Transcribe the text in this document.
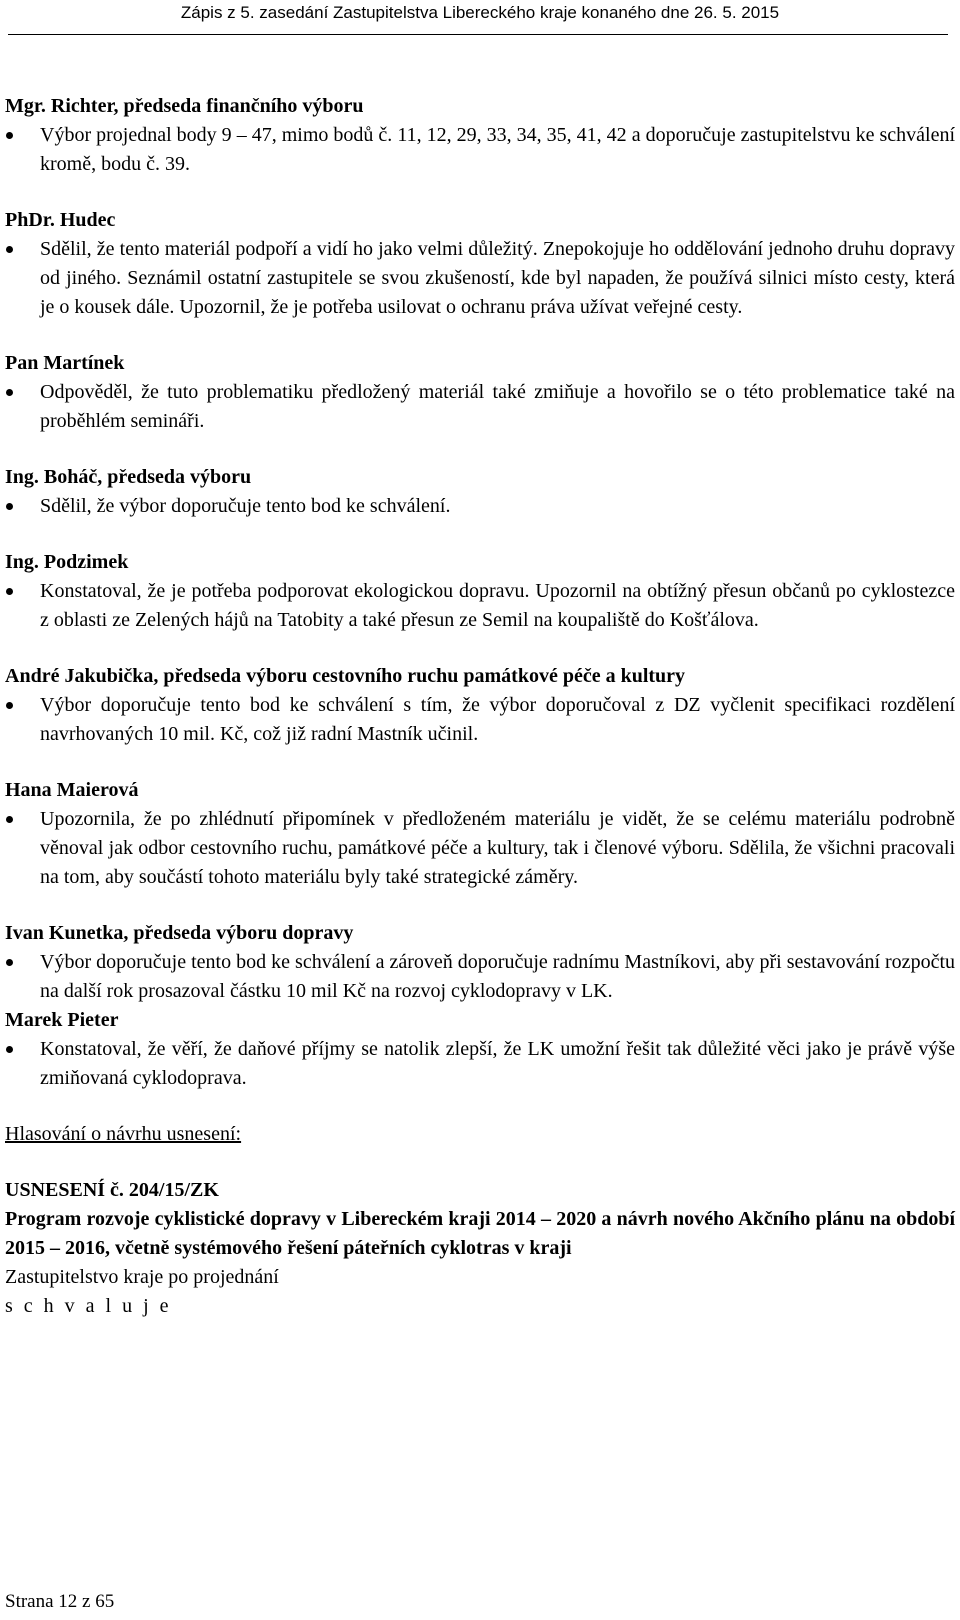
Zápis z 5. zasedání Zastupitelstva Libereckého kraje konaného dne 26. 5. 2015
Mgr. Richter, předseda finančního výboru
Výbor projednal body 9 – 47, mimo bodů č. 11, 12, 29, 33, 34, 35, 41, 42 a doporučuje zastupitelstvu ke schválení kromě, bodu č. 39.
PhDr. Hudec
Sdělil, že tento materiál podpoří a vidí ho jako velmi důležitý. Znepokojuje ho oddělování jednoho druhu dopravy od jiného. Seznámil ostatní zastupitele se svou zkušeností, kde byl napaden, že používá silnici místo cesty, která je o kousek dále. Upozornil, že je potřeba usilovat o ochranu práva užívat veřejné cesty.
Pan Martínek
Odpověděl, že tuto problematiku předložený materiál také zmiňuje a hovořilo se o této problematice také na proběhlém semináři.
Ing. Boháč, předseda výboru
Sdělil, že výbor doporučuje tento bod ke schválení.
Ing. Podzimek
Konstatoval, že je potřeba podporovat ekologickou dopravu. Upozornil na obtížný přesun občanů po cyklostezce z oblasti ze Zelených hájů na Tatobity a také přesun ze Semil na koupaliště do Košťálova.
André Jakubička, předseda výboru cestovního ruchu památkové péče a kultury
Výbor doporučuje tento bod ke schválení s tím, že výbor doporučoval z DZ vyčlenit specifikaci rozdělení navrhovaných 10 mil. Kč, což již radní Mastník učinil.
Hana Maierová
Upozornila, že po zhlédnutí připomínek v předloženém materiálu je vidět, že se celému materiálu podrobně věnoval jak odbor cestovního ruchu, památkové péče a kultury, tak i členové výboru. Sdělila, že všichni pracovali na tom, aby součástí tohoto materiálu byly také strategické záměry.
Ivan Kunetka, předseda výboru dopravy
Výbor doporučuje tento bod ke schválení a zároveň doporučuje radnímu Mastníkovi, aby při sestavování rozpočtu na další rok prosazoval částku 10 mil Kč na rozvoj cyklodopravy v LK.
Marek Pieter
Konstatoval, že věří, že daňové příjmy se natolik zlepší, že LK umožní řešit tak důležité věci jako je právě výše zmiňovaná cyklodoprava.
Hlasování o návrhu usnesení:
USNESENÍ č. 204/15/ZK
Program rozvoje cyklistické dopravy v Libereckém kraji 2014 – 2020 a návrh nového Akčního plánu na období 2015 – 2016, včetně systémového řešení páteřních cyklotras v kraji
Zastupitelstvo kraje po projednání
s c h v a l u j e
Strana 12 z 65
